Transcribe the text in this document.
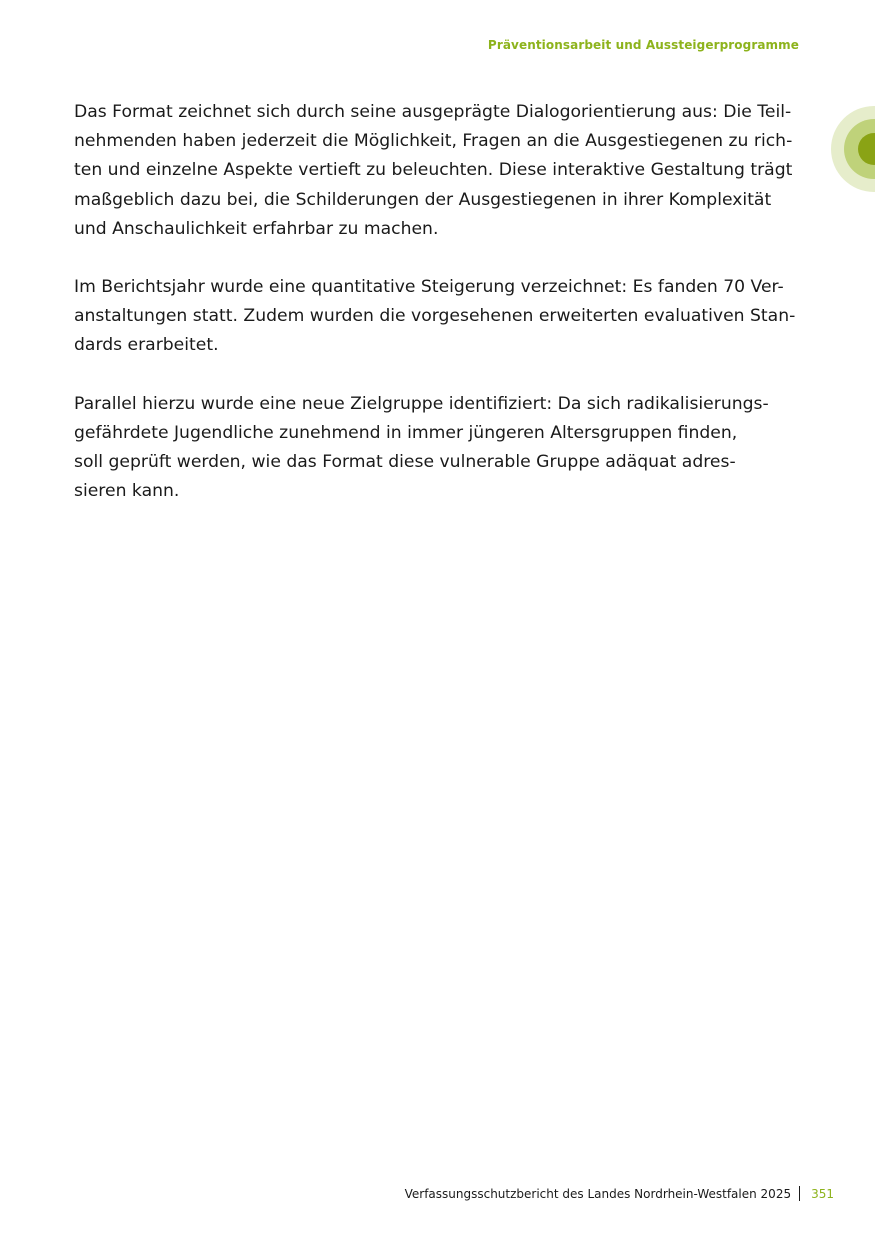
Präventionsarbeit und Aussteigerprogramme

Das Format zeichnet sich durch seine ausgeprägte Dialogorientierung aus: Die Teil-
nehmenden haben jederzeit die Möglichkeit, Fragen an die Ausgestiegenen zu rich-
ten und einzelne Aspekte vertieft zu beleuchten. Diese interaktive Gestaltung trägt
maßgeblich dazu bei, die Schilderungen der Ausgestiegenen in ihrer Komplexität
und Anschaulichkeit erfahrbar zu machen.

Im Berichtsjahr wurde eine quantitative Steigerung verzeichnet: Es fanden 70 Ver-
anstaltungen statt. Zudem wurden die vorgesehenen erweiterten evaluativen Stan-
dards erarbeitet.

Parallel hierzu wurde eine neue Zielgruppe identifiziert: Da sich radikalisierungs-
gefährdete Jugendliche zunehmend in immer jüngeren Altersgruppen finden,
soll geprüft werden, wie das Format diese vulnerable Gruppe adäquat adres-
sieren kann.

Verfassungsschutzbericht des Landes Nordrhein-Westfalen 2025 351
